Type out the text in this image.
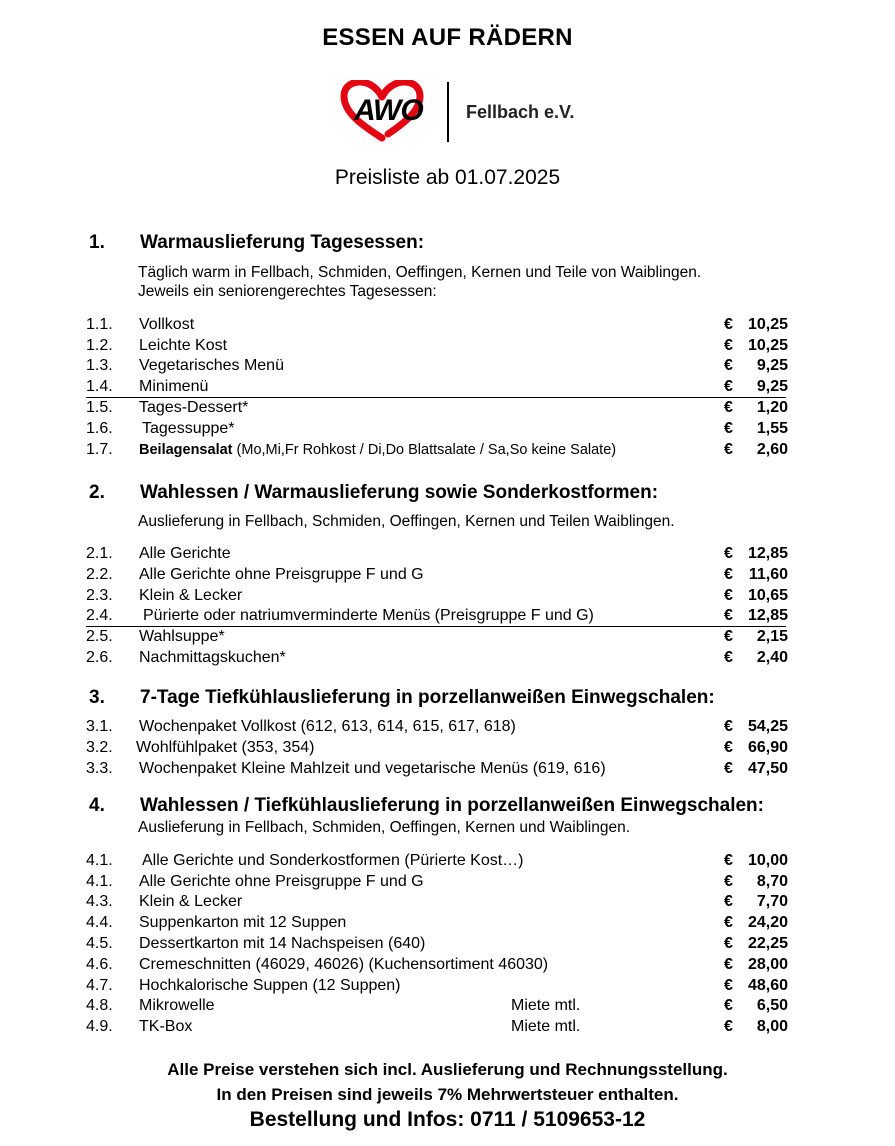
ESSEN AUF RÄDERN
AWO Fellbach e.V.
Preisliste ab 01.07.2025
1. Warmauslieferung Tagesessen:
Täglich warm in Fellbach, Schmiden, Oeffingen, Kernen und Teile von Waiblingen.
Jeweils ein seniorengerechtes Tagesessen:
1.1. Vollkost	€ 10,25
1.2. Leichte Kost	€ 10,25
1.3. Vegetarisches Menü	€ 9,25
1.4. Minimenü	€ 9,25
1.5. Tages-Dessert*	€ 1,20
1.6. Tagessuppe*	€ 1,55
1.7. Beilagensalat (Mo,Mi,Fr Rohkost / Di,Do Blattsalate / Sa,So keine Salate)	€ 2,60
2. Wahlessen / Warmauslieferung sowie Sonderkostformen:
Auslieferung in Fellbach, Schmiden, Oeffingen, Kernen und Teilen Waiblingen.
2.1. Alle Gerichte	€ 12,85
2.2. Alle Gerichte ohne Preisgruppe F und G	€ 11,60
2.3. Klein & Lecker	€ 10,65
2.4. Pürierte oder natriumverminderte Menüs (Preisgruppe F und G)	€ 12,85
2.5. Wahlsuppe*	€ 2,15
2.6. Nachmittagskuchen*	€ 2,40
3. 7-Tage Tiefkühlauslieferung in porzellanweißen Einwegschalen:
3.1. Wochenpaket Vollkost (612, 613, 614, 615, 617, 618)	€ 54,25
3.2. Wohlfühlpaket (353, 354)	€ 66,90
3.3. Wochenpaket Kleine Mahlzeit und vegetarische Menüs (619, 616)	€ 47,50
4. Wahlessen / Tiefkühlauslieferung in porzellanweißen Einwegschalen:
Auslieferung in Fellbach, Schmiden, Oeffingen, Kernen und Waiblingen.
4.1. Alle Gerichte und Sonderkostformen (Pürierte Kost…)	€ 10,00
4.1. Alle Gerichte ohne Preisgruppe F und G	€ 8,70
4.3. Klein & Lecker	€ 7,70
4.4. Suppenkarton mit 12 Suppen	€ 24,20
4.5. Dessertkarton mit 14 Nachspeisen (640)	€ 22,25
4.6. Cremeschnitten (46029, 46026) (Kuchensortiment 46030)	€ 28,00
4.7. Hochkalorische Suppen (12 Suppen)	€ 48,60
4.8. Mikrowelle	Miete mtl.	€ 6,50
4.9. TK-Box	Miete mtl.	€ 8,00
Alle Preise verstehen sich incl. Auslieferung und Rechnungsstellung.
In den Preisen sind jeweils 7% Mehrwertsteuer enthalten.
Bestellung und Infos: 0711 / 5109653-12
